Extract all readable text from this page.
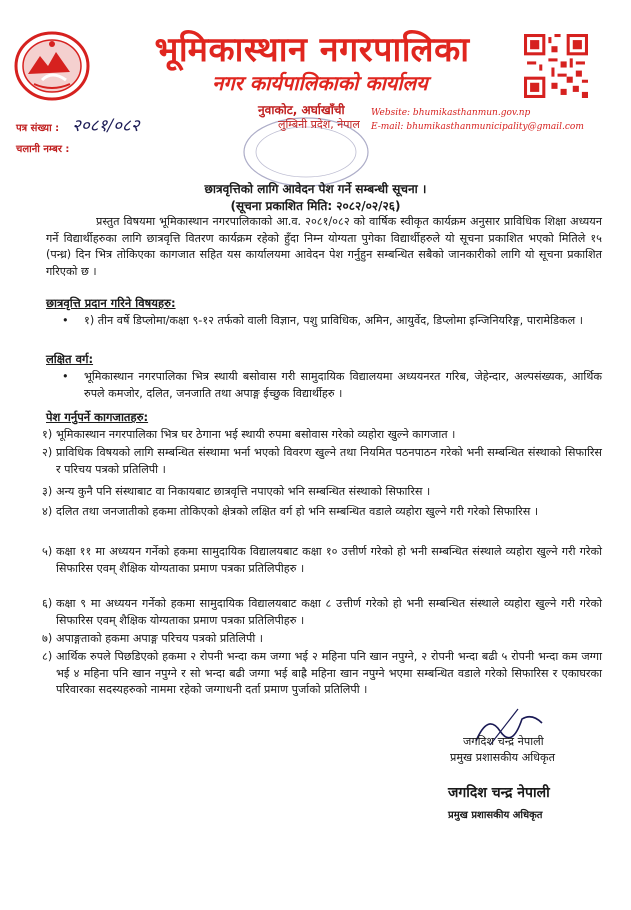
भूमिकास्थान नगरपालिका
नगर कार्यपालिकाको कार्यालय
नुवाकोट, अर्घाखाँची
लुम्बिनी प्रदेश, नेपाल
Website: bhumikasthanmun.gov.np
E-mail: bhumikasthanmunicipality@gmail.com
पत्र संख्या : २०८१/०८२
चलानी नम्बर :
छात्रवृत्तिको लागि आवेदन पेश गर्ने सम्बन्धी सूचना ।
(सूचना प्रकाशित मिति: २०८२/०२/२६)
प्रस्तुत विषयमा भूमिकास्थान नगरपालिकाको आ.व. २०८१/०८२ को वार्षिक स्वीकृत कार्यक्रम अनुसार प्राविधिक शिक्षा अध्ययन गर्ने विद्यार्थीहरुका लागि छात्रवृत्ति वितरण कार्यक्रम रहेको हुँदा निम्न योग्यता पुगेका विद्यार्थीहरुले यो सूचना प्रकाशित भएको मितिले १५ (पन्ध्र) दिन भित्र तोकिएका कागजात सहित यस कार्यालयमा आवेदन पेश गर्नुहुन सम्बन्धित सबैको जानकारीको लागि यो सूचना प्रकाशित गरिएको छ ।
छात्रवृत्ति प्रदान गरिने विषयहरु:
• १) तीन वर्षे डिप्लोमा/कक्षा ९-१२ तर्फको वाली विज्ञान, पशु प्राविधिक, अमिन, आयुर्वेद, डिप्लोमा इन्जिनियरिङ्ग, पारामेडिकल ।
लक्षित वर्ग:
• भूमिकास्थान नगरपालिका भित्र स्थायी बसोवास गरी सामुदायिक विद्यालयमा अध्ययनरत गरिब, जेहेन्दार, अल्पसंख्यक, आर्थिक रुपले कमजोर, दलित, जनजाति तथा अपाङ्ग ईच्छुक विद्यार्थीहरु ।
पेश गर्नुपर्ने कागजातहरु:
१) भूमिकास्थान नगरपालिका भित्र घर ठेगाना भई स्थायी रुपमा बसोवास गरेको व्यहोरा खुल्ने कागजात ।
२) प्राविधिक विषयको लागि सम्बन्धित संस्थामा भर्ना भएको विवरण खुल्ने तथा नियमित पठनपाठन गरेको भनी सम्बन्धित संस्थाको सिफारिस र परिचय पत्रको प्रतिलिपी ।
३) अन्य कुनै पनि संस्थाबाट वा निकायबाट छात्रवृत्ति नपाएको भनि सम्बन्धित संस्थाको सिफारिस ।
४) दलित तथा जनजातीको हकमा तोकिएको क्षेत्रको लक्षित वर्ग हो भनि सम्बन्धित वडाले व्यहोरा खुल्ने गरी गरेको सिफारिस ।
५) कक्षा ११ मा अध्ययन गर्नेको हकमा सामुदायिक विद्यालयबाट कक्षा १० उत्तीर्ण गरेको हो भनी सम्बन्धित संस्थाले व्यहोरा खुल्ने गरी गरेको सिफारिस एवम् शैक्षिक योग्यताका प्रमाण पत्रका प्रतिलिपीहरु ।
६) कक्षा ९ मा अध्ययन गर्नेको हकमा सामुदायिक विद्यालयबाट कक्षा ८ उत्तीर्ण गरेको हो भनी सम्बन्धित संस्थाले व्यहोरा खुल्ने गरी गरेको सिफारिस एवम् शैक्षिक योग्यताका प्रमाण पत्रका प्रतिलिपीहरु ।
७) अपाङ्गताको हकमा अपाङ्ग परिचय पत्रको प्रतिलिपी ।
८) आर्थिक रुपले पिछडिएको हकमा २ रोपनी भन्दा कम जग्गा भई २ महिना पनि खान नपुग्ने, २ रोपनी भन्दा बढी ५ रोपनी भन्दा कम जग्गा भई ४ महिना पनि खान नपुग्ने र सो भन्दा बढी जग्गा भई बाह्रै महिना खान नपुग्ने भएमा सम्बन्धित वडाले गरेको सिफारिस र एकाघरका परिवारका सदस्यहरुको नाममा रहेको जग्गाधनी दर्ता प्रमाण पुर्जाको प्रतिलिपी ।
जगदिश चन्द्र नेपाली
प्रमुख प्रशासकीय अधिकृत
जगदिश चन्द्र नेपाली
प्रमुख प्रशासकीय अधिकृत
